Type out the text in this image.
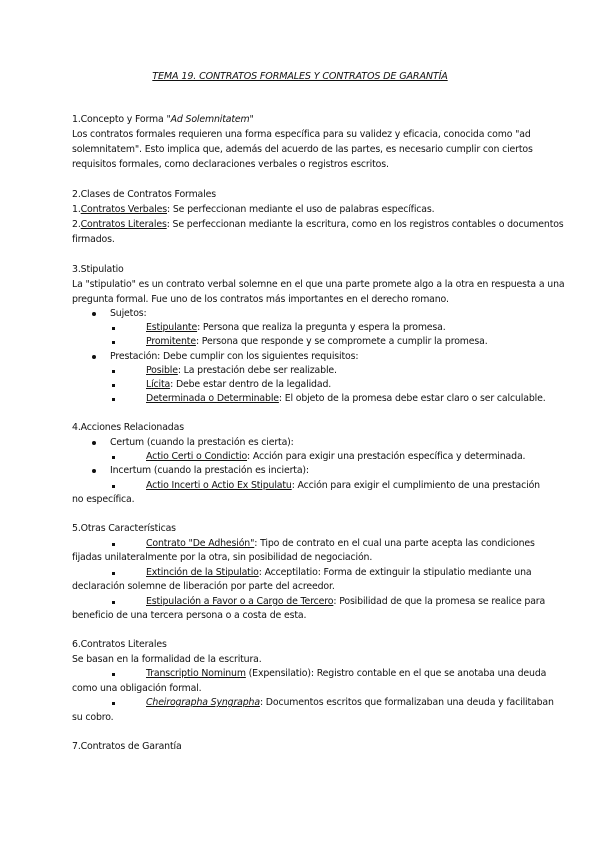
TEMA 19. CONTRATOS FORMALES Y CONTRATOS DE GARANTÍA
1.Concepto y Forma "Ad Solemnitatem"
Los contratos formales requieren una forma específica para su validez y eficacia, conocida como "ad
solemnitatem". Esto implica que, además del acuerdo de las partes, es necesario cumplir con ciertos
requisitos formales, como declaraciones verbales o registros escritos.
2.Clases de Contratos Formales
1.Contratos Verbales: Se perfeccionan mediante el uso de palabras específicas.
2.Contratos Literales: Se perfeccionan mediante la escritura, como en los registros contables o documentos
firmados.
3.Stipulatio
La "stipulatio" es un contrato verbal solemne en el que una parte promete algo a la otra en respuesta a una
pregunta formal. Fue uno de los contratos más importantes en el derecho romano.
Sujetos:
Estipulante: Persona que realiza la pregunta y espera la promesa.
Promitente: Persona que responde y se compromete a cumplir la promesa.
Prestación: Debe cumplir con los siguientes requisitos:
Posible: La prestación debe ser realizable.
Lícita: Debe estar dentro de la legalidad.
Determinada o Determinable: El objeto de la promesa debe estar claro o ser calculable.
4.Acciones Relacionadas
Certum (cuando la prestación es cierta):
Actio Certi o Condictio: Acción para exigir una prestación específica y determinada.
Incertum (cuando la prestación es incierta):
Actio Incerti o Actio Ex Stipulatu: Acción para exigir el cumplimiento de una prestación
no específica.
5.Otras Características
Contrato "De Adhesión": Tipo de contrato en el cual una parte acepta las condiciones
fijadas unilateralmente por la otra, sin posibilidad de negociación.
Extinción de la Stipulatio: Acceptilatio: Forma de extinguir la stipulatio mediante una
declaración solemne de liberación por parte del acreedor.
Estipulación a Favor o a Cargo de Tercero: Posibilidad de que la promesa se realice para
beneficio de una tercera persona o a costa de esta.
6.Contratos Literales
Se basan en la formalidad de la escritura.
Transcriptio Nominum (Expensilatio): Registro contable en el que se anotaba una deuda
como una obligación formal.
Cheirographa Syngrapha: Documentos escritos que formalizaban una deuda y facilitaban
su cobro.
7.Contratos de Garantía
